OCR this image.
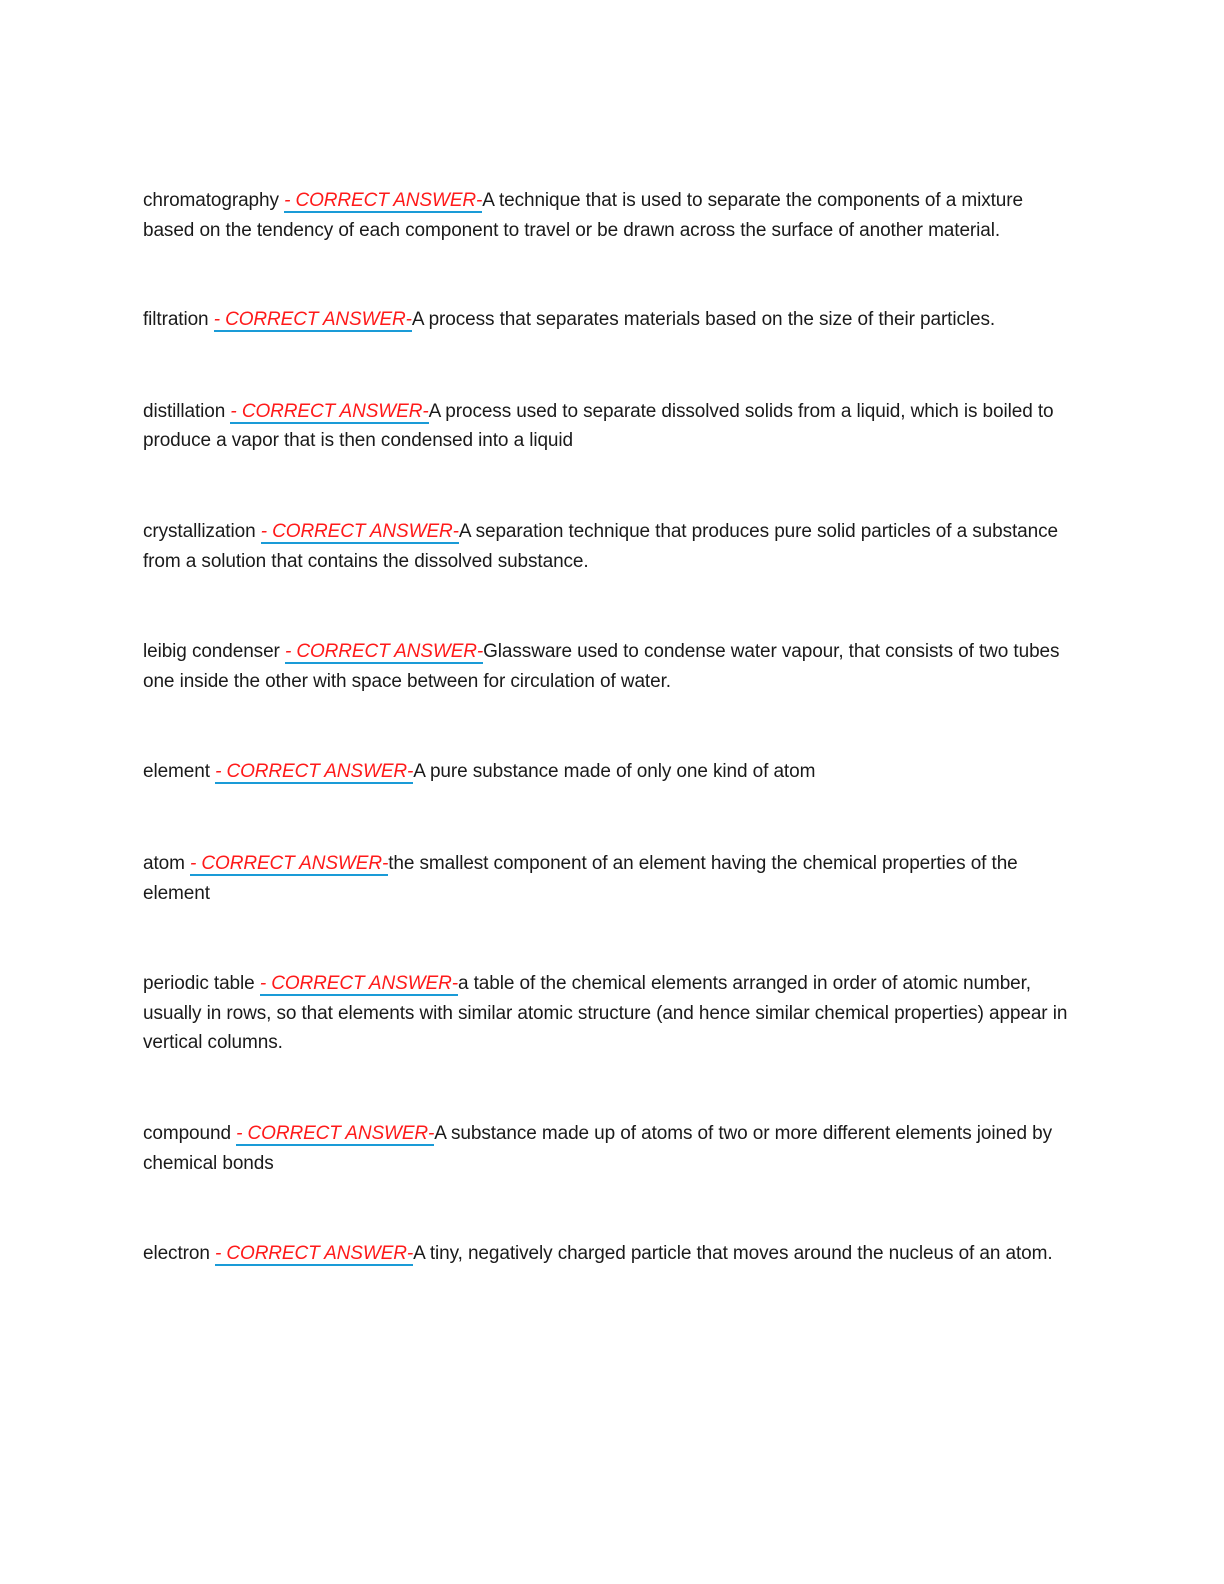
chromatography - CORRECT ANSWER-A technique that is used to separate the components of a mixture based on the tendency of each component to travel or be drawn across the surface of another material.

filtration - CORRECT ANSWER-A process that separates materials based on the size of their particles.

distillation - CORRECT ANSWER-A process used to separate dissolved solids from a liquid, which is boiled to produce a vapor that is then condensed into a liquid

crystallization - CORRECT ANSWER-A separation technique that produces pure solid particles of a substance from a solution that contains the dissolved substance.

leibig condenser - CORRECT ANSWER-Glassware used to condense water vapour, that consists of two tubes one inside the other with space between for circulation of water.

element - CORRECT ANSWER-A pure substance made of only one kind of atom

atom - CORRECT ANSWER-the smallest component of an element having the chemical properties of the element

periodic table - CORRECT ANSWER-a table of the chemical elements arranged in order of atomic number, usually in rows, so that elements with similar atomic structure (and hence similar chemical properties) appear in vertical columns.

compound - CORRECT ANSWER-A substance made up of atoms of two or more different elements joined by chemical bonds

electron - CORRECT ANSWER-A tiny, negatively charged particle that moves around the nucleus of an atom.
